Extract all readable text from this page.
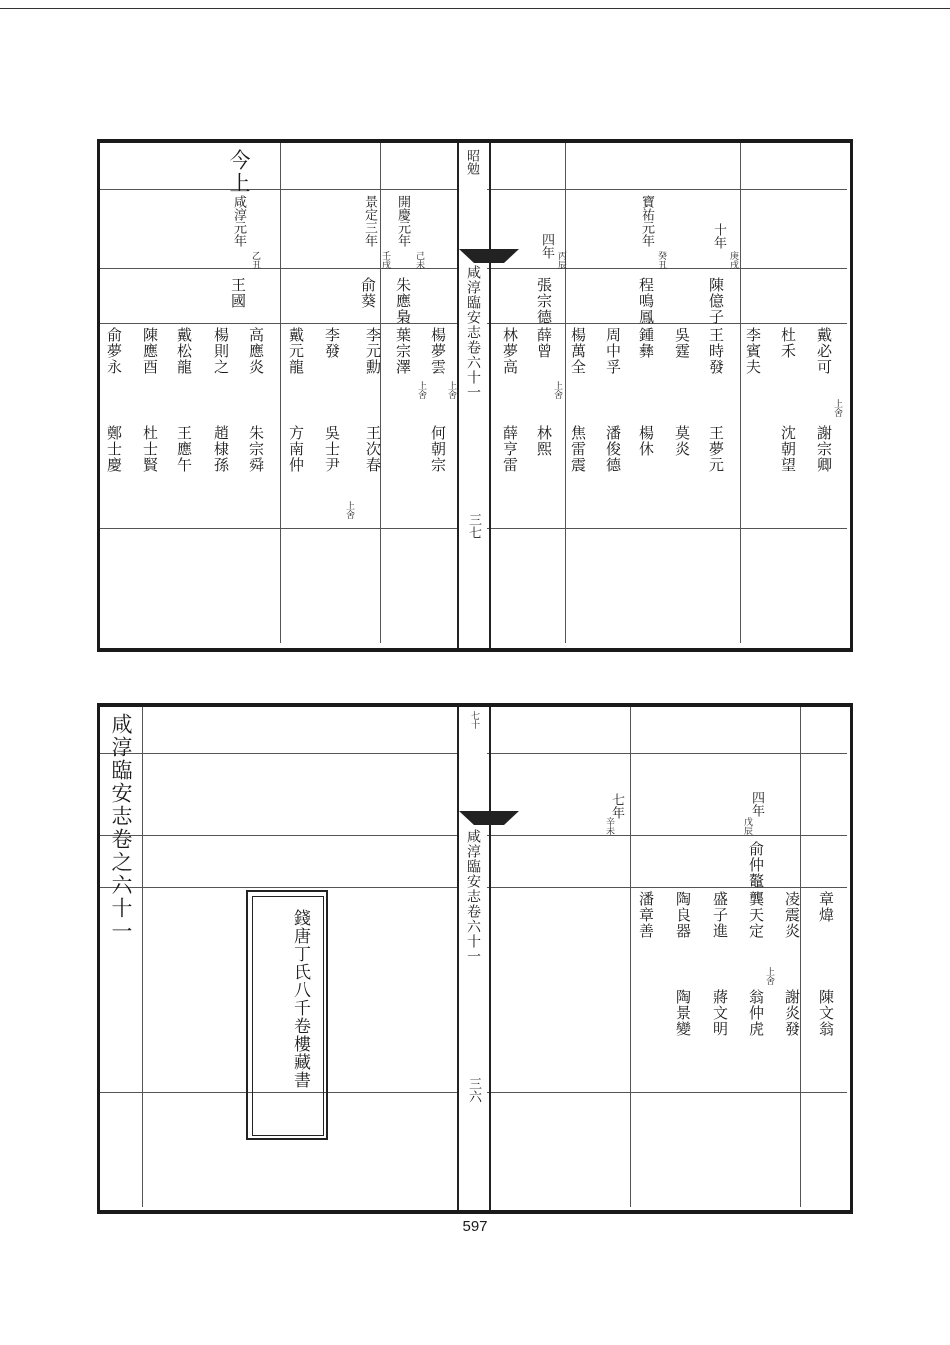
昭勉
咸淳臨安志卷六十一
三七
今上
咸淳元年
乙丑
王國
開慶元年
己未
朱應梟
葉宗澤
李元勳
戴元龍
高應炎
楊則之
戴松龍
陳應酉
俞夢永
上舍
景定三年
壬戌
俞葵
李發
方南仲
朱宗舜
趙棣孫
王應午
杜士賢
鄭士慶	吳士尹 王次春
上舍
楊夢雲
何朝宗
上舍
四年
丙辰
張宗德
薛曾
林熙
林夢高
薛亨雷
上舍
寶祐元年
癸丑
程鳴鳳
鍾彝
楊休
周中孚
潘俊德
楊萬全
焦雷震
十年
庚戌
陳億子
王時發
王夢元
吳霆
莫炎
李賓夫 杜禾
沈朝望
戴必可
謝宗卿
上舍
七十
咸淳臨安志卷六十一
三六
咸淳臨安志卷之六十一
錢唐丁氏八千卷樓藏書
七年
辛未
潘章善 陶良器
陶景變
四年
戊辰
俞仲鼇
龔天定
盛子進
蔣文明 翁仲虎
凌震炎
謝炎發
章煒
陳文翁
上舍
597
